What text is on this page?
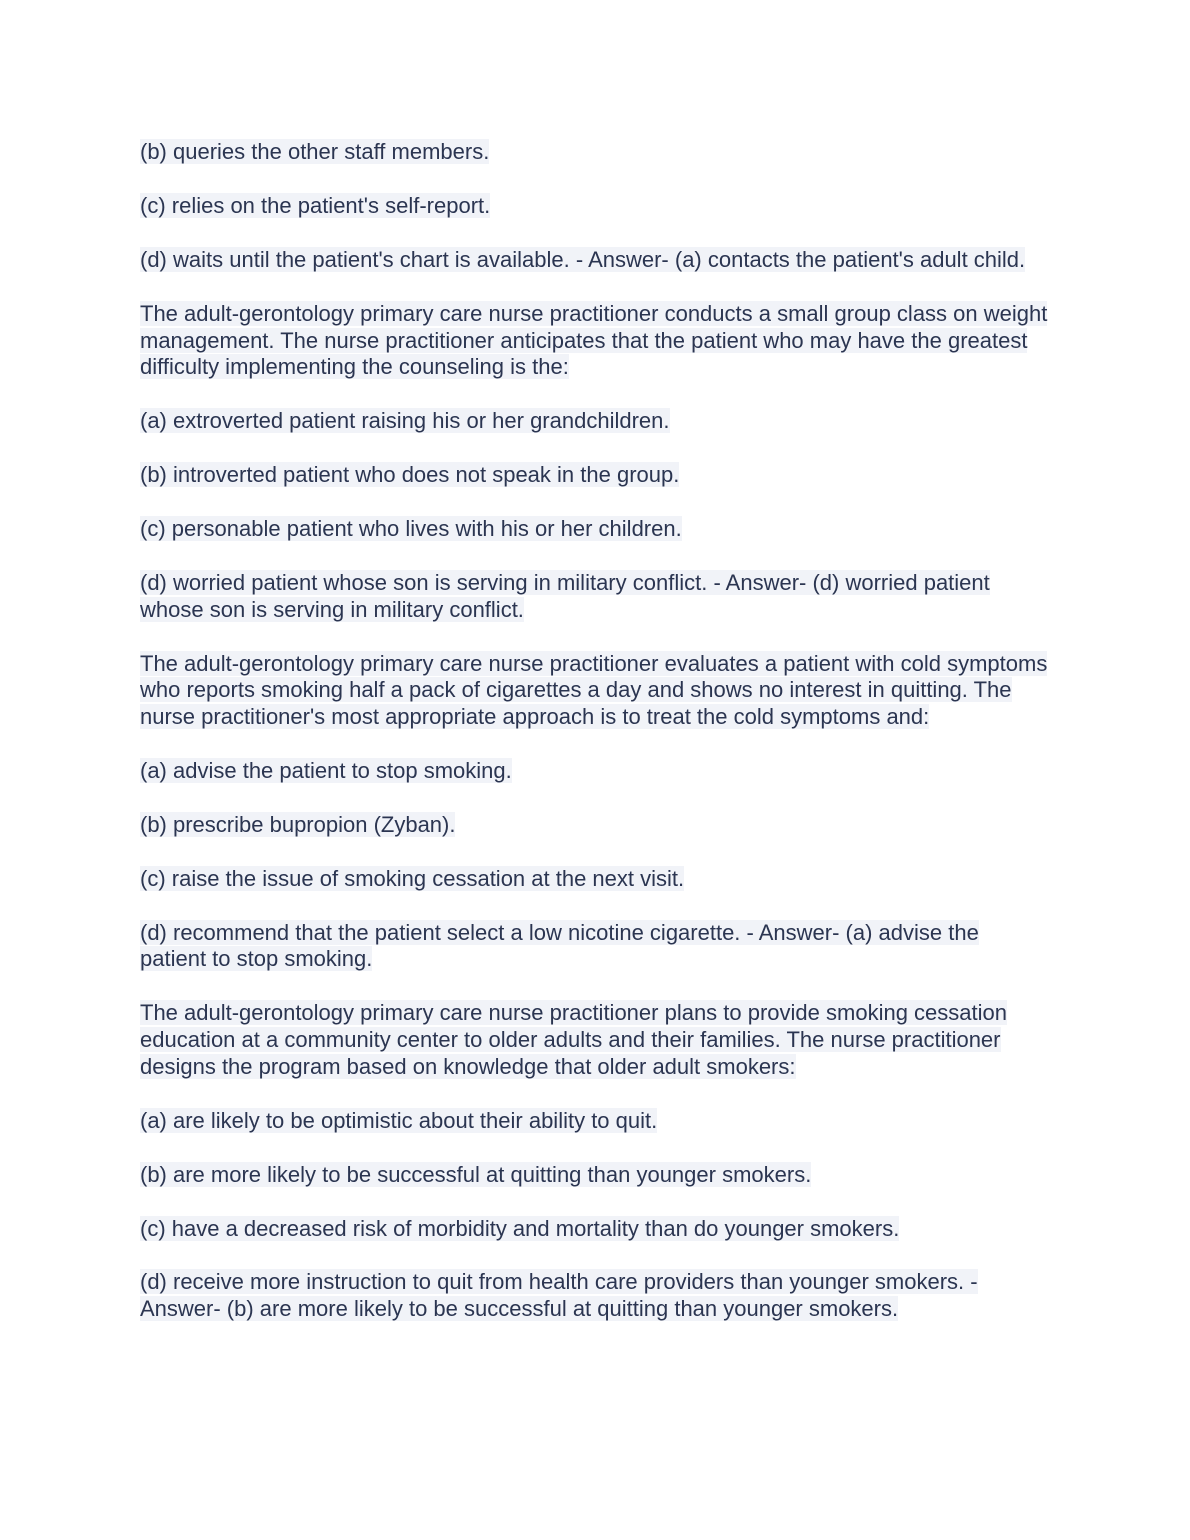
(b) queries the other staff members.

(c) relies on the patient's self-report.

(d) waits until the patient's chart is available. - Answer- (a) contacts the patient's adult child.

The adult-gerontology primary care nurse practitioner conducts a small group class on weight management. The nurse practitioner anticipates that the patient who may have the greatest difficulty implementing the counseling is the:

(a) extroverted patient raising his or her grandchildren.

(b) introverted patient who does not speak in the group.

(c) personable patient who lives with his or her children.

(d) worried patient whose son is serving in military conflict. - Answer- (d) worried patient whose son is serving in military conflict.

The adult-gerontology primary care nurse practitioner evaluates a patient with cold symptoms who reports smoking half a pack of cigarettes a day and shows no interest in quitting. The nurse practitioner's most appropriate approach is to treat the cold symptoms and:

(a) advise the patient to stop smoking.

(b) prescribe bupropion (Zyban).

(c) raise the issue of smoking cessation at the next visit.

(d) recommend that the patient select a low nicotine cigarette. - Answer- (a) advise the patient to stop smoking.

The adult-gerontology primary care nurse practitioner plans to provide smoking cessation education at a community center to older adults and their families. The nurse practitioner designs the program based on knowledge that older adult smokers:

(a) are likely to be optimistic about their ability to quit.

(b) are more likely to be successful at quitting than younger smokers.

(c) have a decreased risk of morbidity and mortality than do younger smokers.

(d) receive more instruction to quit from health care providers than younger smokers. - Answer- (b) are more likely to be successful at quitting than younger smokers.
